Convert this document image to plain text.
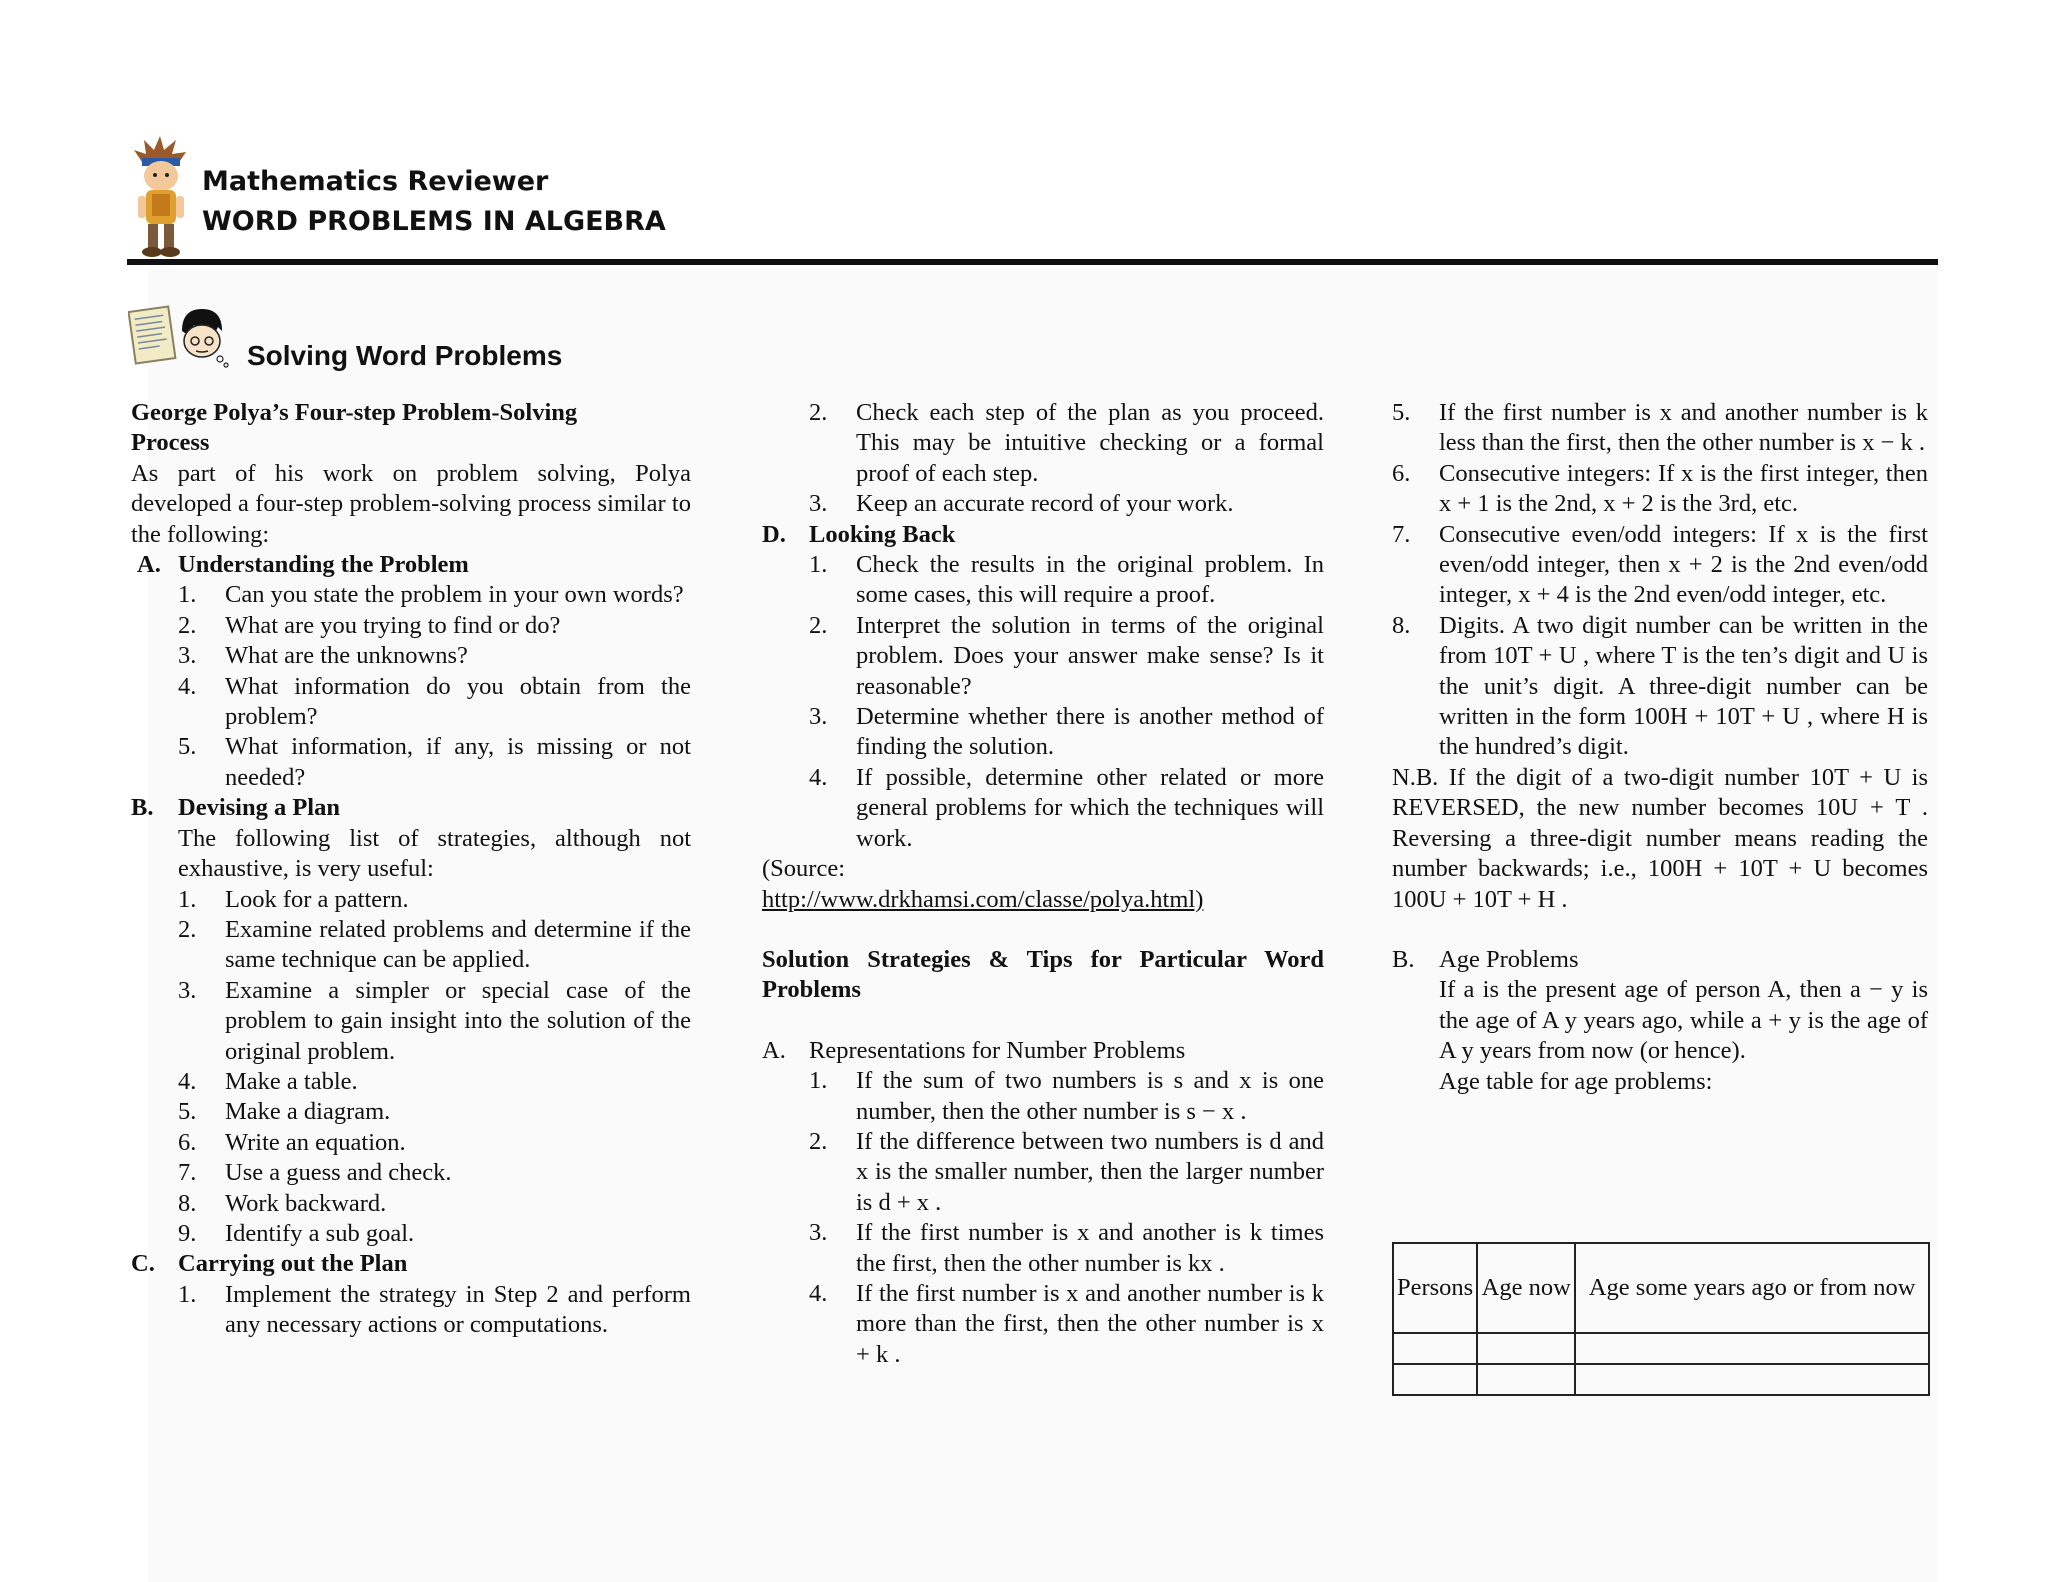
Mathematics Reviewer
WORD PROBLEMS IN ALGEBRA
Solving Word Problems

George Polya’s Four-step Problem-Solving
Process

As part of his work on problem solving, Polya developed a four-step problem-solving process similar to the following:

A. Understanding the Problem
1. Can you state the problem in your own words?
2. What are you trying to find or do?
3. What are the unknowns?
4. What information do you obtain from the problem?
5. What information, if any, is missing or not needed?
B. Devising a Plan

The following list of strategies, although not exhaustive, is very useful:

1. Look for a pattern.
2. Examine related problems and determine if the same technique can be applied.
3. Examine a simpler or special case of the problem to gain insight into the solution of the original problem.
4. Make a table.
5. Make a diagram.
6. Write an equation.
7. Use a guess and check.
8. Work backward.
9. Identify a sub goal.
C. Carrying out the Plan
1. Implement the strategy in Step 2 and perform any necessary actions or computations.
2. Check each step of the plan as you proceed. This may be intuitive checking or a formal proof of each step.
3. Keep an accurate record of your work.
D. Looking Back
1. Check the results in the original problem. In some cases, this will require a proof.
2. Interpret the solution in terms of the original problem. Does your answer make sense? Is it reasonable?
3. Determine whether there is another method of finding the solution.
4. If possible, determine other related or more general problems for which the techniques will work.

(Source:

http://www.drkhamsi.com/classe/polya.html)

Solution Strategies & Tips for Particular Word Problems

A. Representations for Number Problems
1. If the sum of two numbers is s and x is one number, then the other number is s − x .
2. If the difference between two numbers is d and x is the smaller number, then the larger number is d + x .
3. If the first number is x and another is k times the first, then the other number is kx .
4. If the first number is x and another number is k more than the first, then the other number is x + k .
5. If the first number is x and another number is k less than the first, then the other number is x − k .
6. Consecutive integers: If x is the first integer, then x + 1 is the 2nd, x + 2 is the 3rd, etc.
7. Consecutive even/odd integers: If x is the first even/odd integer, then x + 2 is the 2nd even/odd integer, x + 4 is the 2nd even/odd integer, etc.
8. Digits. A two digit number can be written in the from 10T + U , where T is the ten’s digit and U is the unit’s digit. A three-digit number can be written in the form 100H + 10T + U , where H is the hundred’s digit.

N.B. If the digit of a two-digit number 10T + U is REVERSED, the new number becomes 10U + T . Reversing a three-digit number means reading the number backwards; i.e., 100H + 10T + U becomes 100U + 10T + H .

B. Age Problems

If a is the present age of person A, then a − y is the age of A y years ago, while a + y is the age of A y years from now (or hence).

Age table for age problems:

Persons	Age now	Age some years ago or from now
